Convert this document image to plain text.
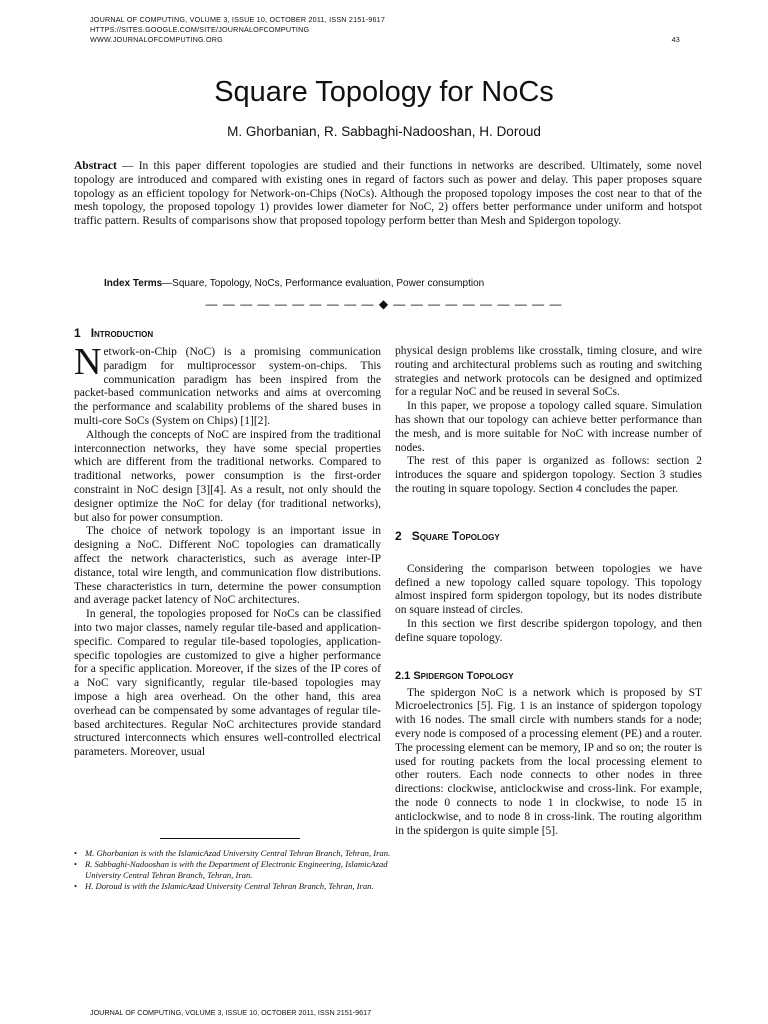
JOURNAL OF COMPUTING, VOLUME 3, ISSUE 10, OCTOBER 2011, ISSN 2151-9617
HTTPS://SITES.GOOGLE.COM/SITE/JOURNALOFCOMPUTING
WWW.JOURNALOFCOMPUTING.ORG	43
Square Topology for NoCs
M. Ghorbanian, R. Sabbaghi-Nadooshan, H. Doroud
Abstract — In this paper different topologies are studied and their functions in networks are described. Ultimately, some novel topology are introduced and compared with existing ones in regard of factors such as power and delay. This paper proposes square topology as an efficient topology for Network-on-Chips (NoCs). Although the proposed topology imposes the cost near to that of the mesh topology, the proposed topology 1) provides lower diameter for NoC, 2) offers better performance under uniform and hotspot traffic pattern. Results of comparisons show that proposed topology perform better than Mesh and Spidergon topology.
Index Terms—Square, Topology, NoCs, Performance evaluation, Power consumption
— — — — — — — — — — ◆ — — — — — — — — — —
1 Introduction

Network-on-Chip (NoC) is a promising communication paradigm for multiprocessor system-on-chips. This communication paradigm has been inspired from the packet-based communication networks and aims at overcoming the performance and scalability problems of the shared buses in multi-core SoCs (System on Chips) [1][2].

Although the concepts of NoC are inspired from the traditional interconnection networks, they have some special properties which are different from the traditional networks. Compared to traditional networks, power consumption is the first-order constraint in NoC design [3][4]. As a result, not only should the designer optimize the NoC for delay (for traditional networks), but also for power consumption.

The choice of network topology is an important issue in designing a NoC. Different NoC topologies can dramatically affect the network characteristics, such as average inter-IP distance, total wire length, and communication flow distributions. These characteristics in turn, determine the power consumption and average packet latency of NoC architectures.

In general, the topologies proposed for NoCs can be classified into two major classes, namely regular tile-based and application-specific. Compared to regular tile-based topologies, application-specific topologies are customized to give a higher performance for a specific application. Moreover, if the sizes of the IP cores of a NoC vary significantly, regular tile-based topologies may impose a high area overhead. On the other hand, this area overhead can be compensated by some advantages of regular tile-based architectures. Regular NoC architectures provide standard structured interconnects which ensures well-controlled electrical parameters. Moreover, usual

physical design problems like crosstalk, timing closure, and wire routing and architectural problems such as routing and switching strategies and network protocols can be designed and optimized for a regular NoC and be reused in several SoCs.

In this paper, we propose a topology called square. Simulation has shown that our topology can achieve better performance than the mesh, and is more suitable for NoC with increase number of nodes.

The rest of this paper is organized as follows: section 2 introduces the square and spidergon topology. Section 3 studies the routing in square topology. Section 4 concludes the paper.

2 Square Topology

Considering the comparison between topologies we have defined a new topology called square topology. This topology almost inspired form spidergon topology, but its nodes distribute on square instead of circles.

In this section we first describe spidergon topology, and then define square topology.

2.1 Spidergon Topology

The spidergon NoC is a network which is proposed by ST Microelectronics [5]. Fig. 1 is an instance of spidergon topology with 16 nodes. The small circle with numbers stands for a node; every node is composed of a processing element (PE) and a router. The processing element can be memory, IP and so on; the router is used for routing packets from the local processing element to other routers. Each node connects to other nodes in three directions: clockwise, anticlockwise and cross-link. For example, the node 0 connects to node 1 in clockwise, to node 15 in anticlockwise, and to node 8 in cross-link. The routing algorithm in the spidergon is quite simple [5].

• M. Ghorbanian is with the IslamicAzad University Central Tehran Branch, Tehran, Iran.
• R. Sabbaghi-Nadooshan is with the Department of Electronic Engineering, IslamicAzad University Central Tehran Branch, Tehran, Iran.
• H. Doroud is with the IslamicAzad University Central Tehran Branch, Tehran, Iran.
JOURNAL OF COMPUTING, VOLUME 3, ISSUE 10, OCTOBER 2011, ISSN 2151-9617
